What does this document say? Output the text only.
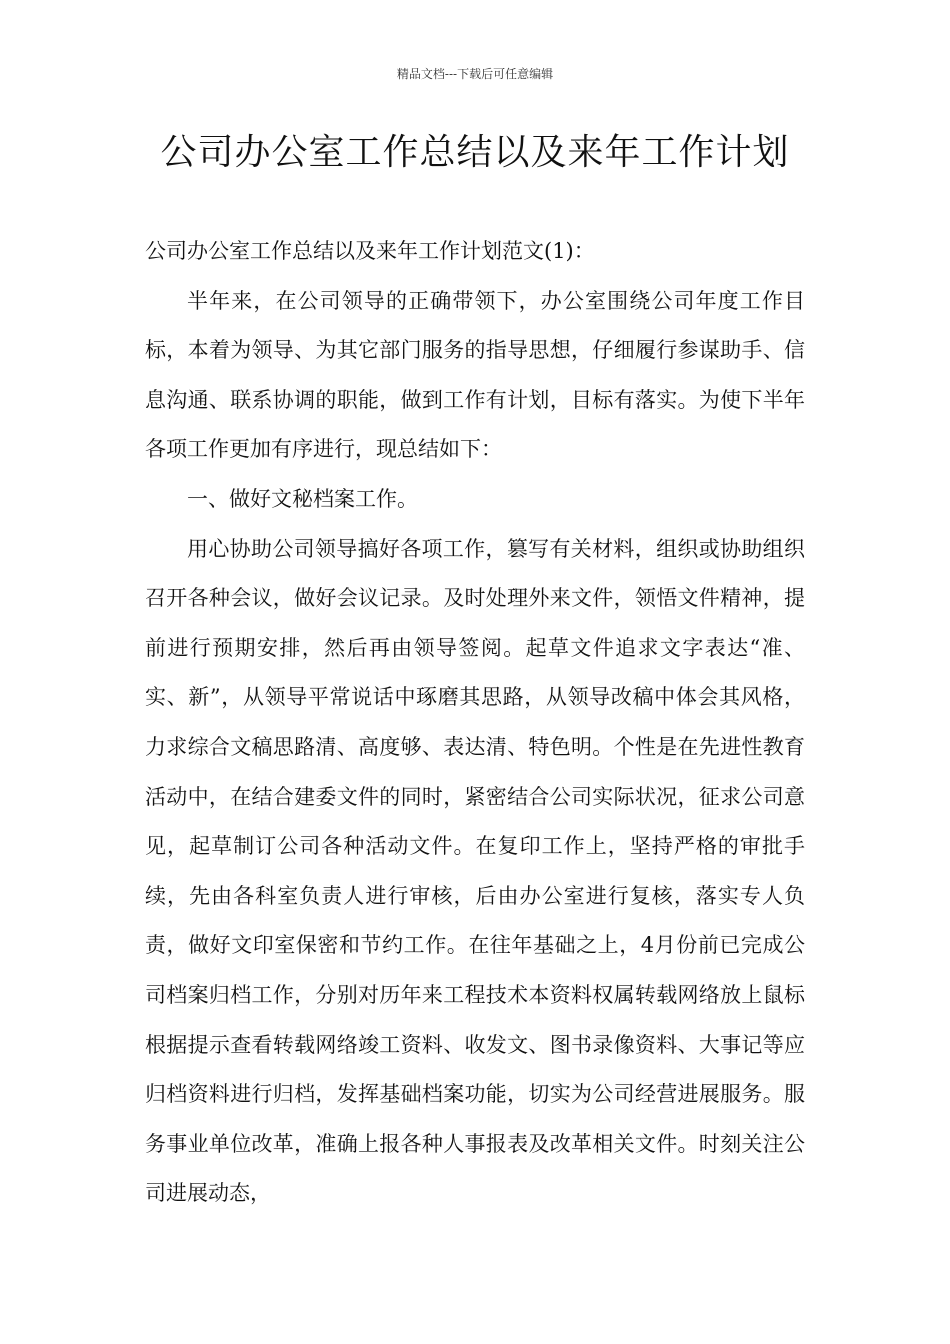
精品文档---下载后可任意编辑
公司办公室工作总结以及来年工作计划

公司办公室工作总结以及来年工作计划范文(1)：

半年来，在公司领导的正确带领下，办公室围绕公司年度工作目标，本着为领导、为其它部门服务的指导思想，仔细履行参谋助手、信息沟通、联系协调的职能，做到工作有计划，目标有落实。为使下半年各项工作更加有序进行，现总结如下：

一、做好文秘档案工作。

用心协助公司领导搞好各项工作，篡写有关材料，组织或协助组织召开各种会议，做好会议记录。及时处理外来文件，领悟文件精神，提前进行预期安排，然后再由领导签阅。起草文件追求文字表达“准、实、新”，从领导平常说话中琢磨其思路，从领导改稿中体会其风格，力求综合文稿思路清、高度够、表达清、特色明。个性是在先进性教育活动中，在结合建委文件的同时，紧密结合公司实际状况，征求公司意见，起草制订公司各种活动文件。在复印工作上，坚持严格的审批手续，先由各科室负责人进行审核，后由办公室进行复核，落实专人负责，做好文印室保密和节约工作。在往年基础之上，4月份前已完成公司档案归档工作，分别对历年来工程技术本资料权属转载网络放上鼠标根据提示查看转载网络竣工资料、收发文、图书录像资料、大事记等应归档资料进行归档，发挥基础档案功能，切实为公司经营进展服务。服务事业单位改革，准确上报各种人事报表及改革相关文件。时刻关注公司进展动态，
